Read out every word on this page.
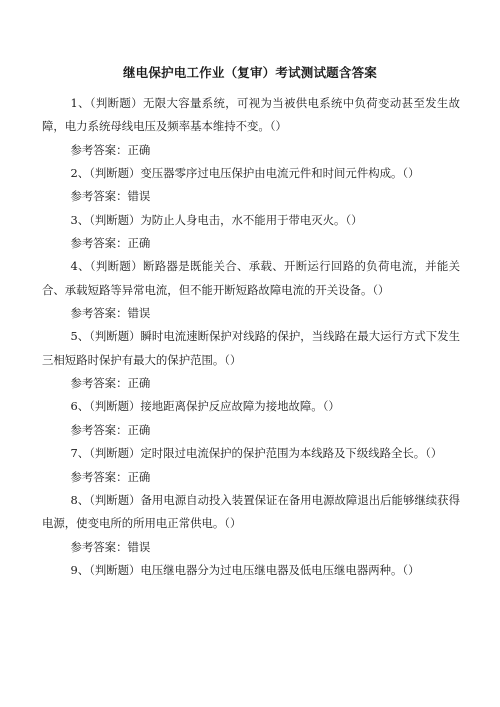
继电保护电工作业（复审）考试测试题含答案

1、（判断题）无限大容量系统，可视为当被供电系统中负荷变动甚至发生故障，电力系统母线电压及频率基本维持不变。（）

参考答案：正确

2、（判断题）变压器零序过电压保护由电流元件和时间元件构成。（）

参考答案：错误

3、（判断题）为防止人身电击，水不能用于带电灭火。（）

参考答案：正确

4、（判断题）断路器是既能关合、承载、开断运行回路的负荷电流，并能关合、承载短路等异常电流，但不能开断短路故障电流的开关设备。（）

参考答案：错误

5、（判断题）瞬时电流速断保护对线路的保护，当线路在最大运行方式下发生三相短路时保护有最大的保护范围。（）

参考答案：正确

6、（判断题）接地距离保护反应故障为接地故障。（）

参考答案：正确

7、（判断题）定时限过电流保护的保护范围为本线路及下级线路全长。（）

参考答案：正确

8、（判断题）备用电源自动投入装置保证在备用电源故障退出后能够继续获得电源，使变电所的所用电正常供电。（）

参考答案：错误

9、（判断题）电压继电器分为过电压继电器及低电压继电器两种。（）
